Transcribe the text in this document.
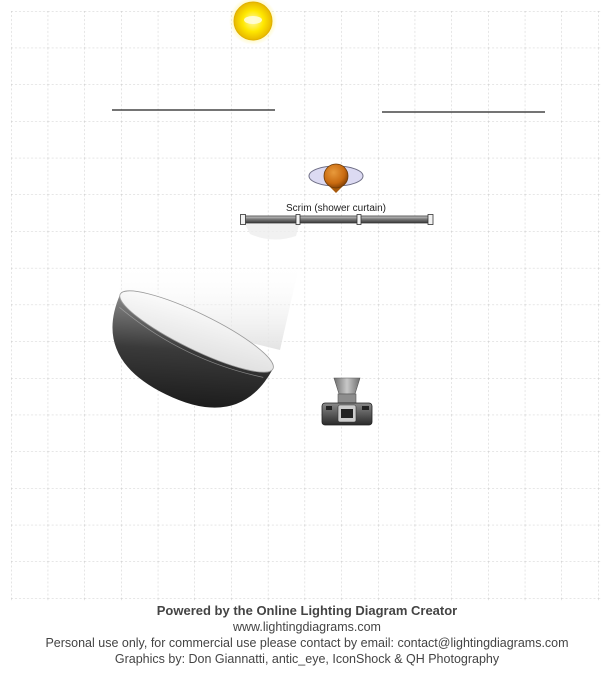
Scrim (shower curtain)
Powered by the Online Lighting Diagram Creator
www.lightingdiagrams.com
Personal use only, for commercial use please contact by email: contact@lightingdiagrams.com
Graphics by: Don Giannatti, antic_eye, IconShock & QH Photography
